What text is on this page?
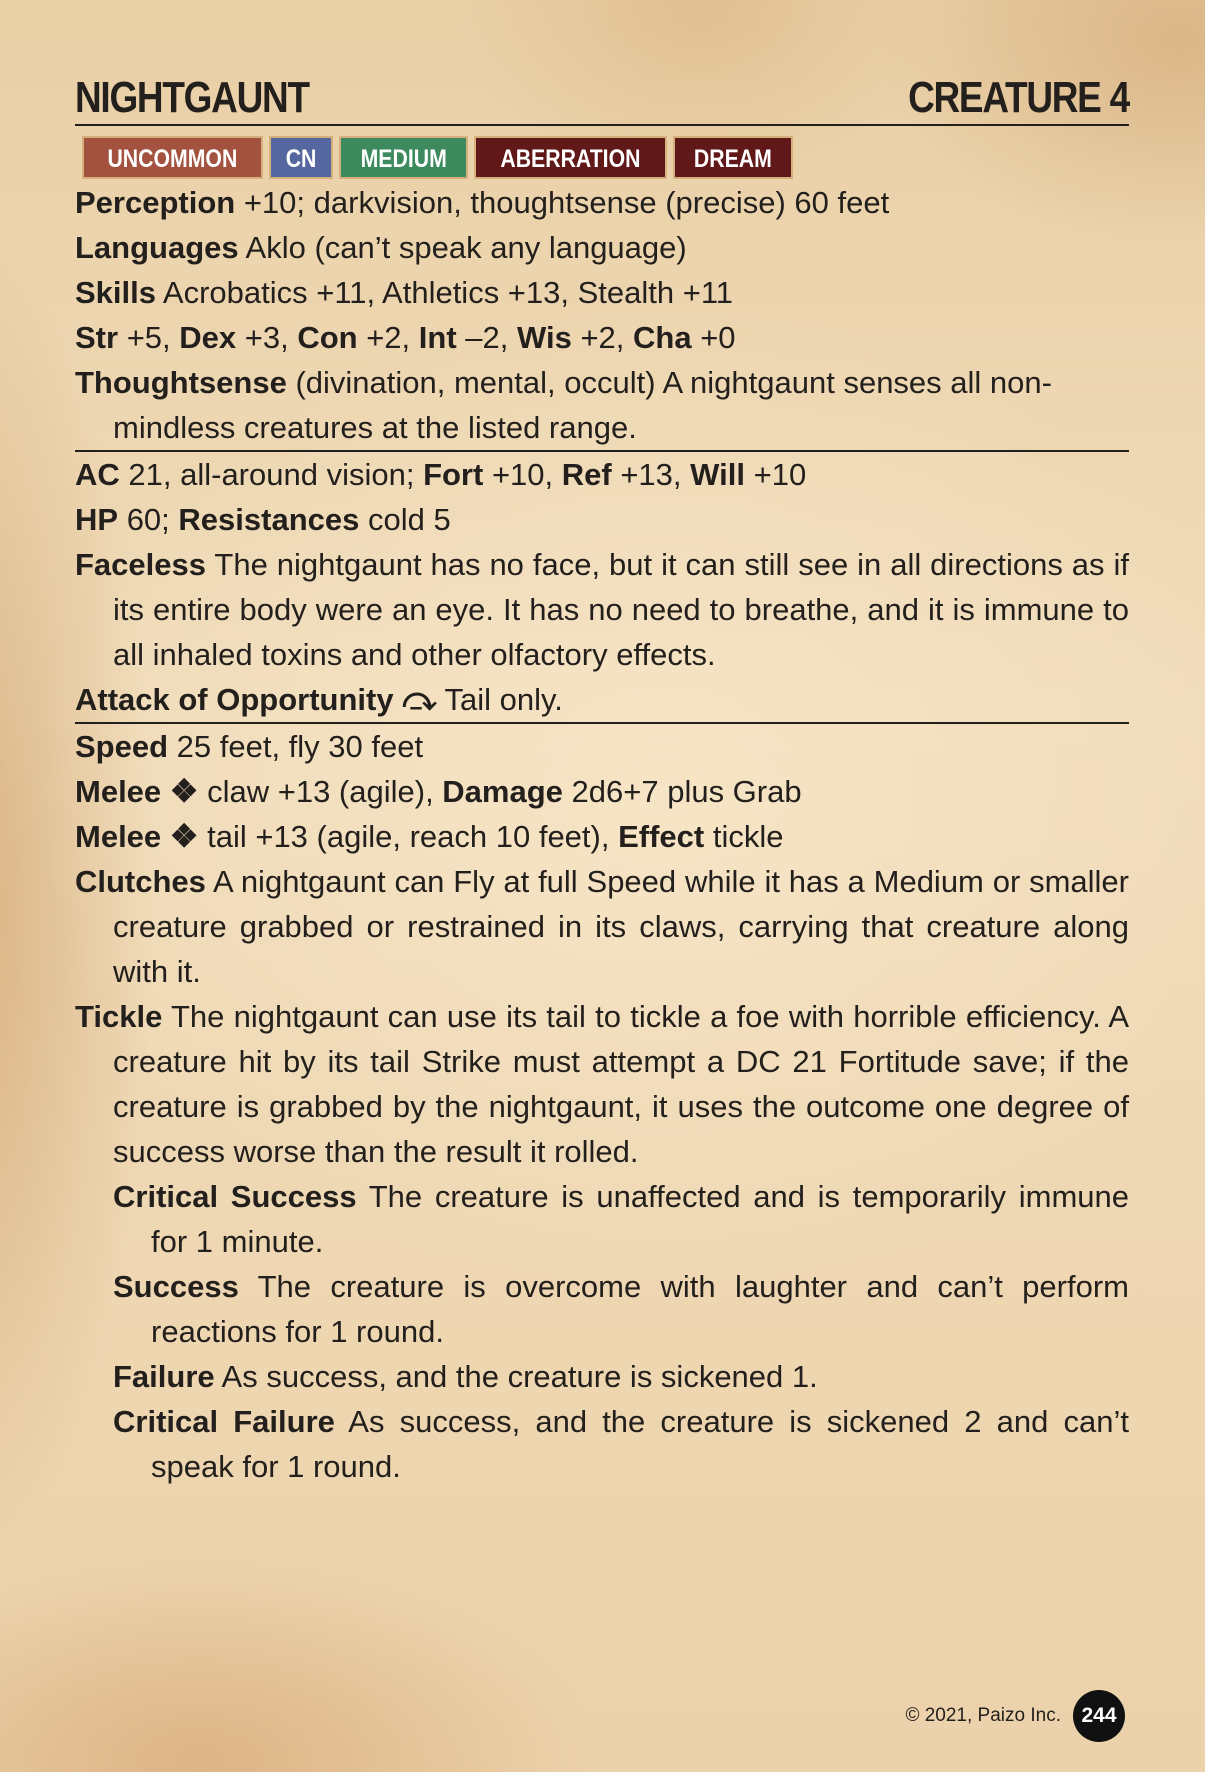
NIGHTGAUNT	CREATURE 4
UNCOMMON	CN	MEDIUM	ABERRATION	DREAM

Perception +10; darkvision, thoughtsense (precise) 60 feet

Languages Aklo (can’t speak any language)

Skills Acrobatics +11, Athletics +13, Stealth +11

Str +5, Dex +3, Con +2, Int –2, Wis +2, Cha +0

Thoughtsense (divination, mental, occult) A nightgaunt senses all non-mindless creatures at the listed range.

AC 21, all-around vision; Fort +10, Ref +13, Will +10

HP 60; Resistances cold 5

Faceless The nightgaunt has no face, but it can still see in all directions as if its entire body were an eye. It has no need to breathe, and it is immune to all inhaled toxins and other olfactory effects.

Attack of Opportunity ⤼ Tail only.

Speed 25 feet, fly 30 feet

Melee ❖ claw +13 (agile), Damage 2d6+7 plus Grab

Melee ❖ tail +13 (agile, reach 10 feet), Effect tickle

Clutches A nightgaunt can Fly at full Speed while it has a Medium or smaller creature grabbed or restrained in its claws, carrying that creature along with it.

Tickle The nightgaunt can use its tail to tickle a foe with horrible efficiency. A creature hit by its tail Strike must attempt a DC 21 Fortitude save; if the creature is grabbed by the nightgaunt, it uses the outcome one degree of success worse than the result it rolled.

Critical Success The creature is unaffected and is temporarily immune for 1 minute.

Success The creature is overcome with laughter and can’t perform reactions for 1 round.

Failure As success, and the creature is sickened 1.

Critical Failure As success, and the creature is sickened 2 and can’t speak for 1 round.

© 2021, Paizo Inc. 244
